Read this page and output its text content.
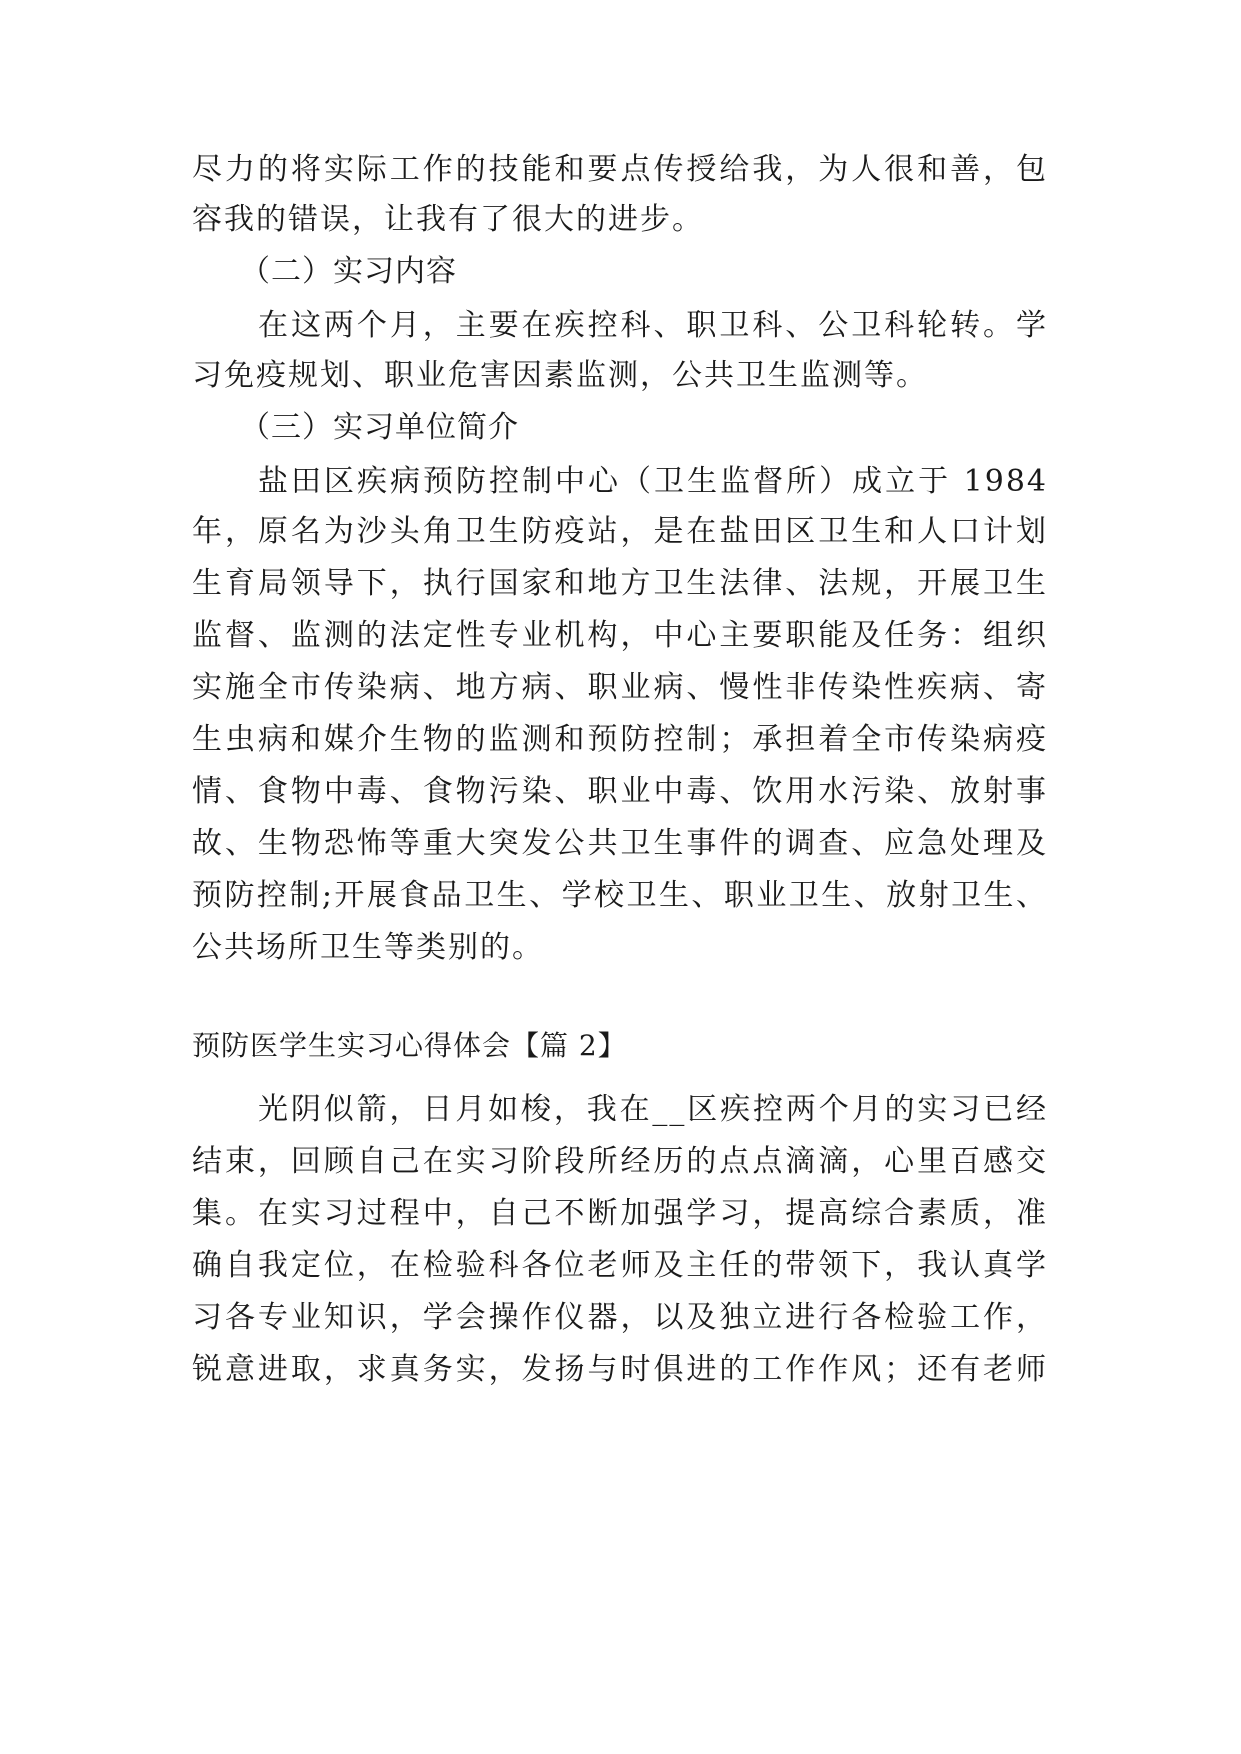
尽力的将实际工作的技能和要点传授给我，为人很和善，包
容我的错误，让我有了很大的进步。
（二）实习内容
在这两个月，主要在疾控科、职卫科、公卫科轮转。学
习免疫规划、职业危害因素监测，公共卫生监测等。
（三）实习单位简介
盐田区疾病预防控制中心（卫生监督所）成立于 1984
年，原名为沙头角卫生防疫站，是在盐田区卫生和人口计划
生育局领导下，执行国家和地方卫生法律、法规，开展卫生
监督、监测的法定性专业机构，中心主要职能及任务：组织
实施全市传染病、地方病、职业病、慢性非传染性疾病、寄
生虫病和媒介生物的监测和预防控制；承担着全市传染病疫
情、食物中毒、食物污染、职业中毒、饮用水污染、放射事
故、生物恐怖等重大突发公共卫生事件的调查、应急处理及
预防控制;开展食品卫生、学校卫生、职业卫生、放射卫生、
公共场所卫生等类别的。
预防医学生实习心得体会【篇 2】
光阴似箭，日月如梭，我在__区疾控两个月的实习已经
结束，回顾自己在实习阶段所经历的点点滴滴，心里百感交
集。在实习过程中，自己不断加强学习，提高综合素质，准
确自我定位，在检验科各位老师及主任的带领下，我认真学
习各专业知识，学会操作仪器，以及独立进行各检验工作，
锐意进取，求真务实，发扬与时俱进的工作作风；还有老师
